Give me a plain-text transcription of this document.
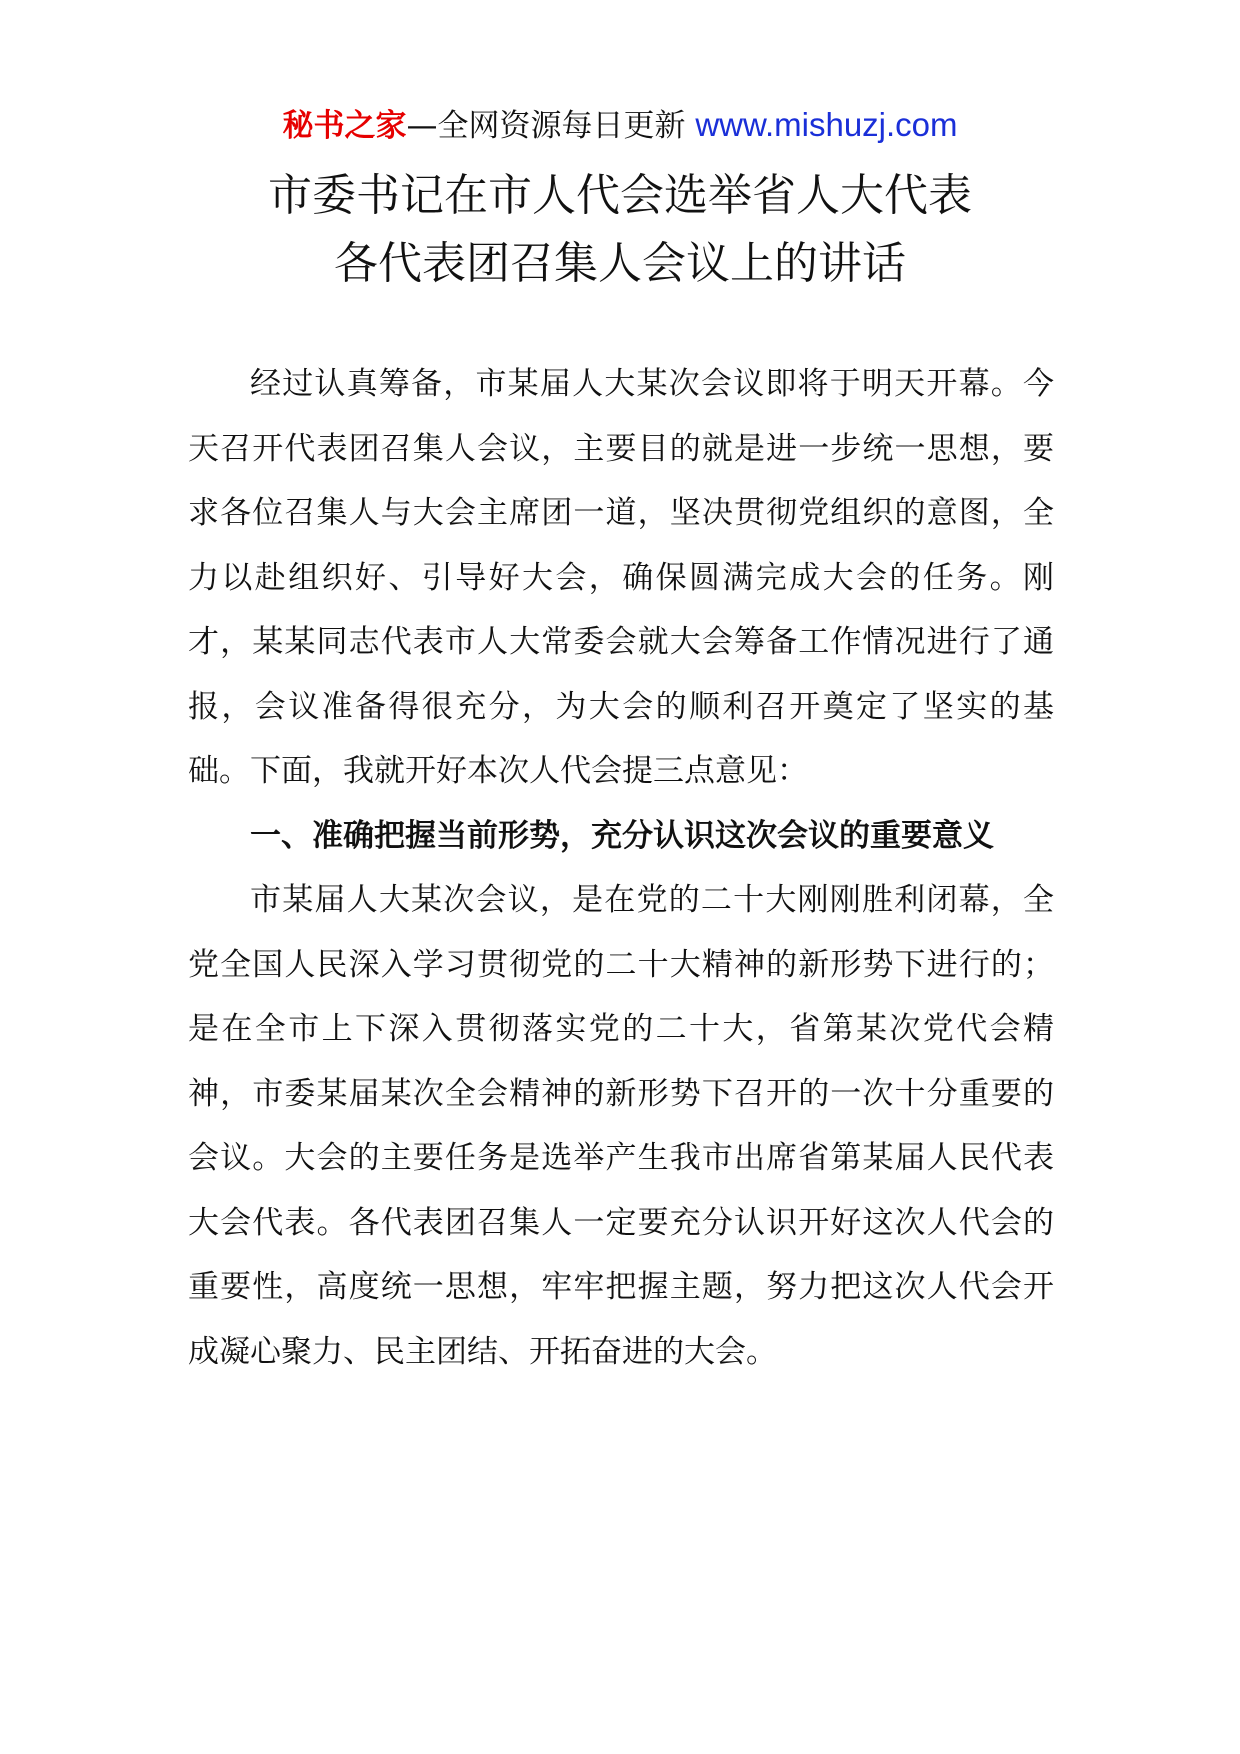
秘书之家—全网资源每日更新 www.mishuzj.com
市委书记在市人代会选举省人大代表
各代表团召集人会议上的讲话

经过认真筹备，市某届人大某次会议即将于明天开幕。今天召开代表团召集人会议，主要目的就是进一步统一思想，要求各位召集人与大会主席团一道，坚决贯彻党组织的意图，全力以赴组织好、引导好大会，确保圆满完成大会的任务。刚才，某某同志代表市人大常委会就大会筹备工作情况进行了通报，会议准备得很充分，为大会的顺利召开奠定了坚实的基础。下面，我就开好本次人代会提三点意见：

一、准确把握当前形势，充分认识这次会议的重要意义

市某届人大某次会议，是在党的二十大刚刚胜利闭幕，全党全国人民深入学习贯彻党的二十大精神的新形势下进行的；是在全市上下深入贯彻落实党的二十大，省第某次党代会精神，市委某届某次全会精神的新形势下召开的一次十分重要的会议。大会的主要任务是选举产生我市出席省第某届人民代表大会代表。各代表团召集人一定要充分认识开好这次人代会的重要性，高度统一思想，牢牢把握主题，努力把这次人代会开成凝心聚力、民主团结、开拓奋进的大会。
